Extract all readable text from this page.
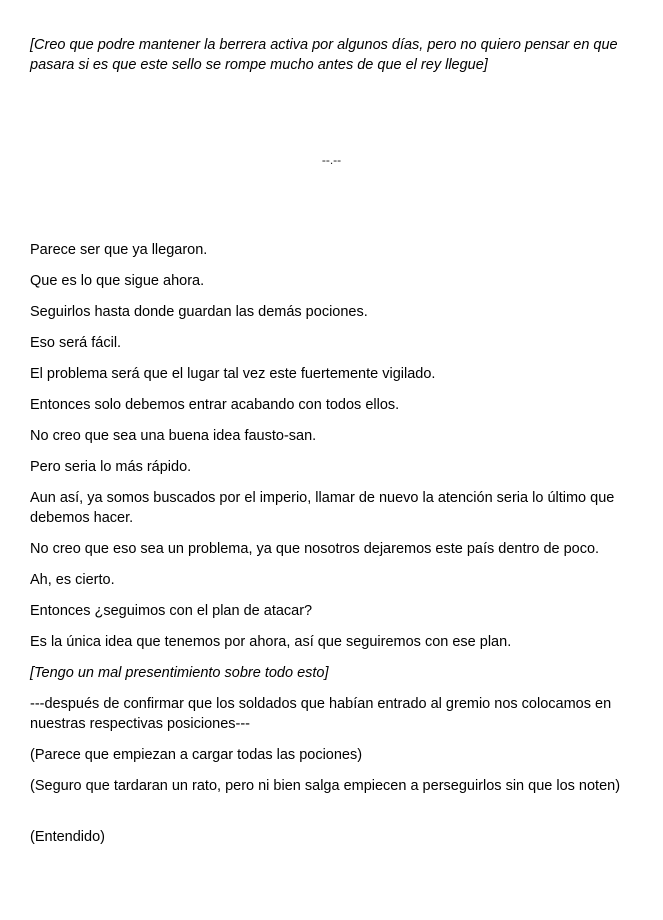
[Creo que podre mantener la berrera activa por algunos días, pero no quiero pensar en que pasara si es que este sello se rompe mucho antes de que el rey llegue]
--.--
Parece ser que ya llegaron.
Que es lo que sigue ahora.
Seguirlos hasta donde guardan las demás pociones.
Eso será fácil.
El problema será que el lugar tal vez este fuertemente vigilado.
Entonces solo debemos entrar acabando con todos ellos.
No creo que sea una buena idea fausto-san.
Pero seria lo más rápido.
Aun así, ya somos buscados por el imperio, llamar de nuevo la atención seria lo último que debemos hacer.
No creo que eso sea un problema, ya que nosotros dejaremos este país dentro de poco.
Ah, es cierto.
Entonces ¿seguimos con el plan de atacar?
Es la única idea que tenemos por ahora, así que seguiremos con ese plan.
[Tengo un mal presentimiento sobre todo esto]
---después de confirmar que los soldados que habían entrado al gremio nos colocamos en nuestras respectivas posiciones---
(Parece que empiezan a cargar todas las pociones)
(Seguro que tardaran un rato, pero ni bien salga empiecen a perseguirlos sin que los noten)
(Entendido)
